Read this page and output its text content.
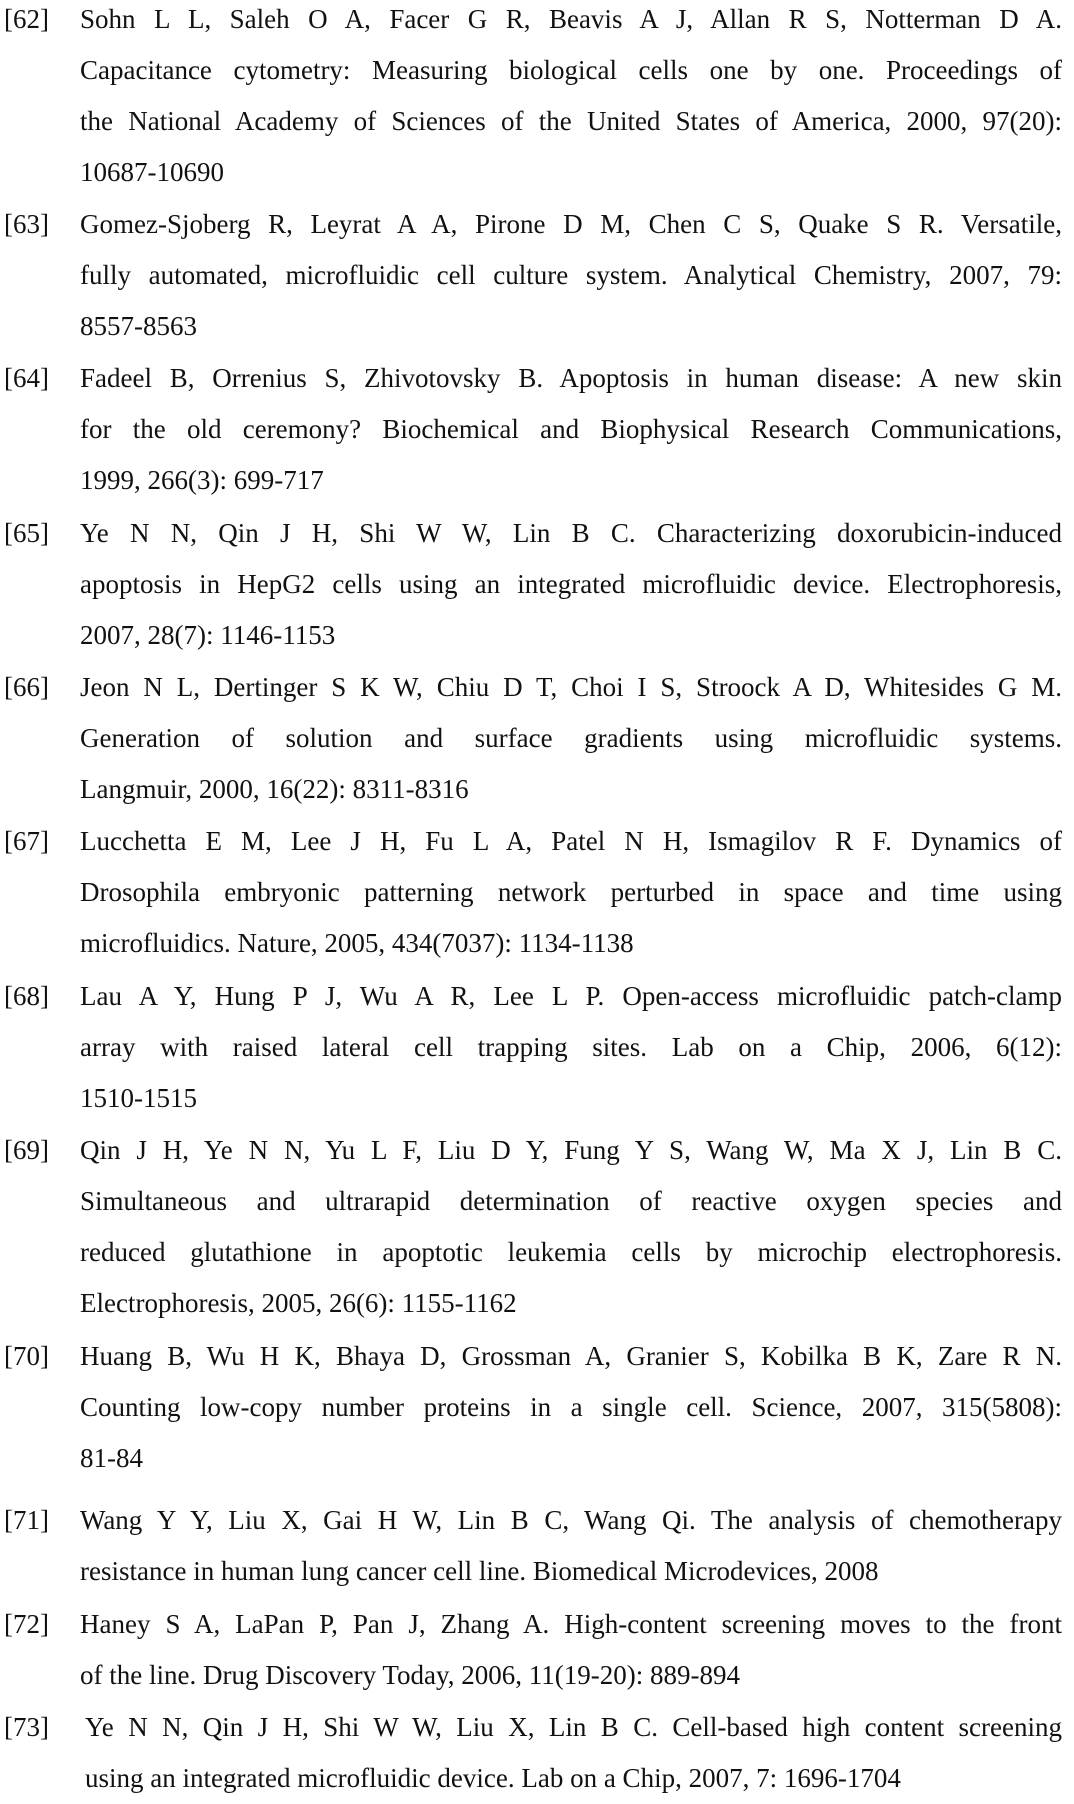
[62] Sohn L L, Saleh O A, Facer G R, Beavis A J, Allan R S, Notterman D A.
Capacitance cytometry: Measuring biological cells one by one. Proceedings of
the National Academy of Sciences of the United States of America, 2000, 97(20):
10687-10690
[63] Gomez-Sjoberg R, Leyrat A A, Pirone D M, Chen C S, Quake S R. Versatile,
fully automated, microfluidic cell culture system. Analytical Chemistry, 2007, 79:
8557-8563
[64] Fadeel B, Orrenius S, Zhivotovsky B. Apoptosis in human disease: A new skin
for the old ceremony? Biochemical and Biophysical Research Communications,
1999, 266(3): 699-717
[65] Ye N N, Qin J H, Shi W W, Lin B C. Characterizing doxorubicin-induced
apoptosis in HepG2 cells using an integrated microfluidic device. Electrophoresis,
2007, 28(7): 1146-1153
[66] Jeon N L, Dertinger S K W, Chiu D T, Choi I S, Stroock A D, Whitesides G M.
Generation of solution and surface gradients using microfluidic systems.
Langmuir, 2000, 16(22): 8311-8316
[67] Lucchetta E M, Lee J H, Fu L A, Patel N H, Ismagilov R F. Dynamics of
Drosophila embryonic patterning network perturbed in space and time using
microfluidics. Nature, 2005, 434(7037): 1134-1138
[68] Lau A Y, Hung P J, Wu A R, Lee L P. Open-access microfluidic patch-clamp
array with raised lateral cell trapping sites. Lab on a Chip, 2006, 6(12):
1510-1515
[69] Qin J H, Ye N N, Yu L F, Liu D Y, Fung Y S, Wang W, Ma X J, Lin B C.
Simultaneous and ultrarapid determination of reactive oxygen species and
reduced glutathione in apoptotic leukemia cells by microchip electrophoresis.
Electrophoresis, 2005, 26(6): 1155-1162
[70] Huang B, Wu H K, Bhaya D, Grossman A, Granier S, Kobilka B K, Zare R N.
Counting low-copy number proteins in a single cell. Science, 2007, 315(5808):
81-84
[71] Wang Y Y, Liu X, Gai H W, Lin B C, Wang Qi. The analysis of chemotherapy
resistance in human lung cancer cell line. Biomedical Microdevices, 2008
[72] Haney S A, LaPan P, Pan J, Zhang A. High-content screening moves to the front
of the line. Drug Discovery Today, 2006, 11(19-20): 889-894
[73] Ye N N, Qin J H, Shi W W, Liu X, Lin B C. Cell-based high content screening
using an integrated microfluidic device. Lab on a Chip, 2007, 7: 1696-1704
